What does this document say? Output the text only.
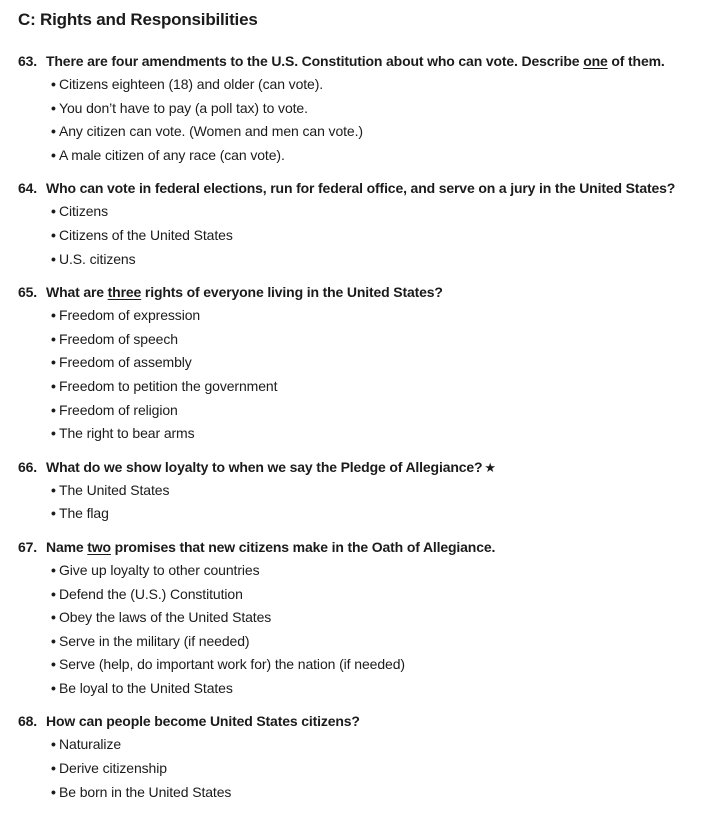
C: Rights and Responsibilities
63. There are four amendments to the U.S. Constitution about who can vote. Describe one of them.
• Citizens eighteen (18) and older (can vote).
• You don’t have to pay (a poll tax) to vote.
• Any citizen can vote. (Women and men can vote.)
• A male citizen of any race (can vote).
64. Who can vote in federal elections, run for federal office, and serve on a jury in the United States?
• Citizens
• Citizens of the United States
• U.S. citizens
65. What are three rights of everyone living in the United States?
• Freedom of expression
• Freedom of speech
• Freedom of assembly
• Freedom to petition the government
• Freedom of religion
• The right to bear arms
66. What do we show loyalty to when we say the Pledge of Allegiance? ★
• The United States
• The flag
67. Name two promises that new citizens make in the Oath of Allegiance.
• Give up loyalty to other countries
• Defend the (U.S.) Constitution
• Obey the laws of the United States
• Serve in the military (if needed)
• Serve (help, do important work for) the nation (if needed)
• Be loyal to the United States
68. How can people become United States citizens?
• Naturalize
• Derive citizenship
• Be born in the United States
